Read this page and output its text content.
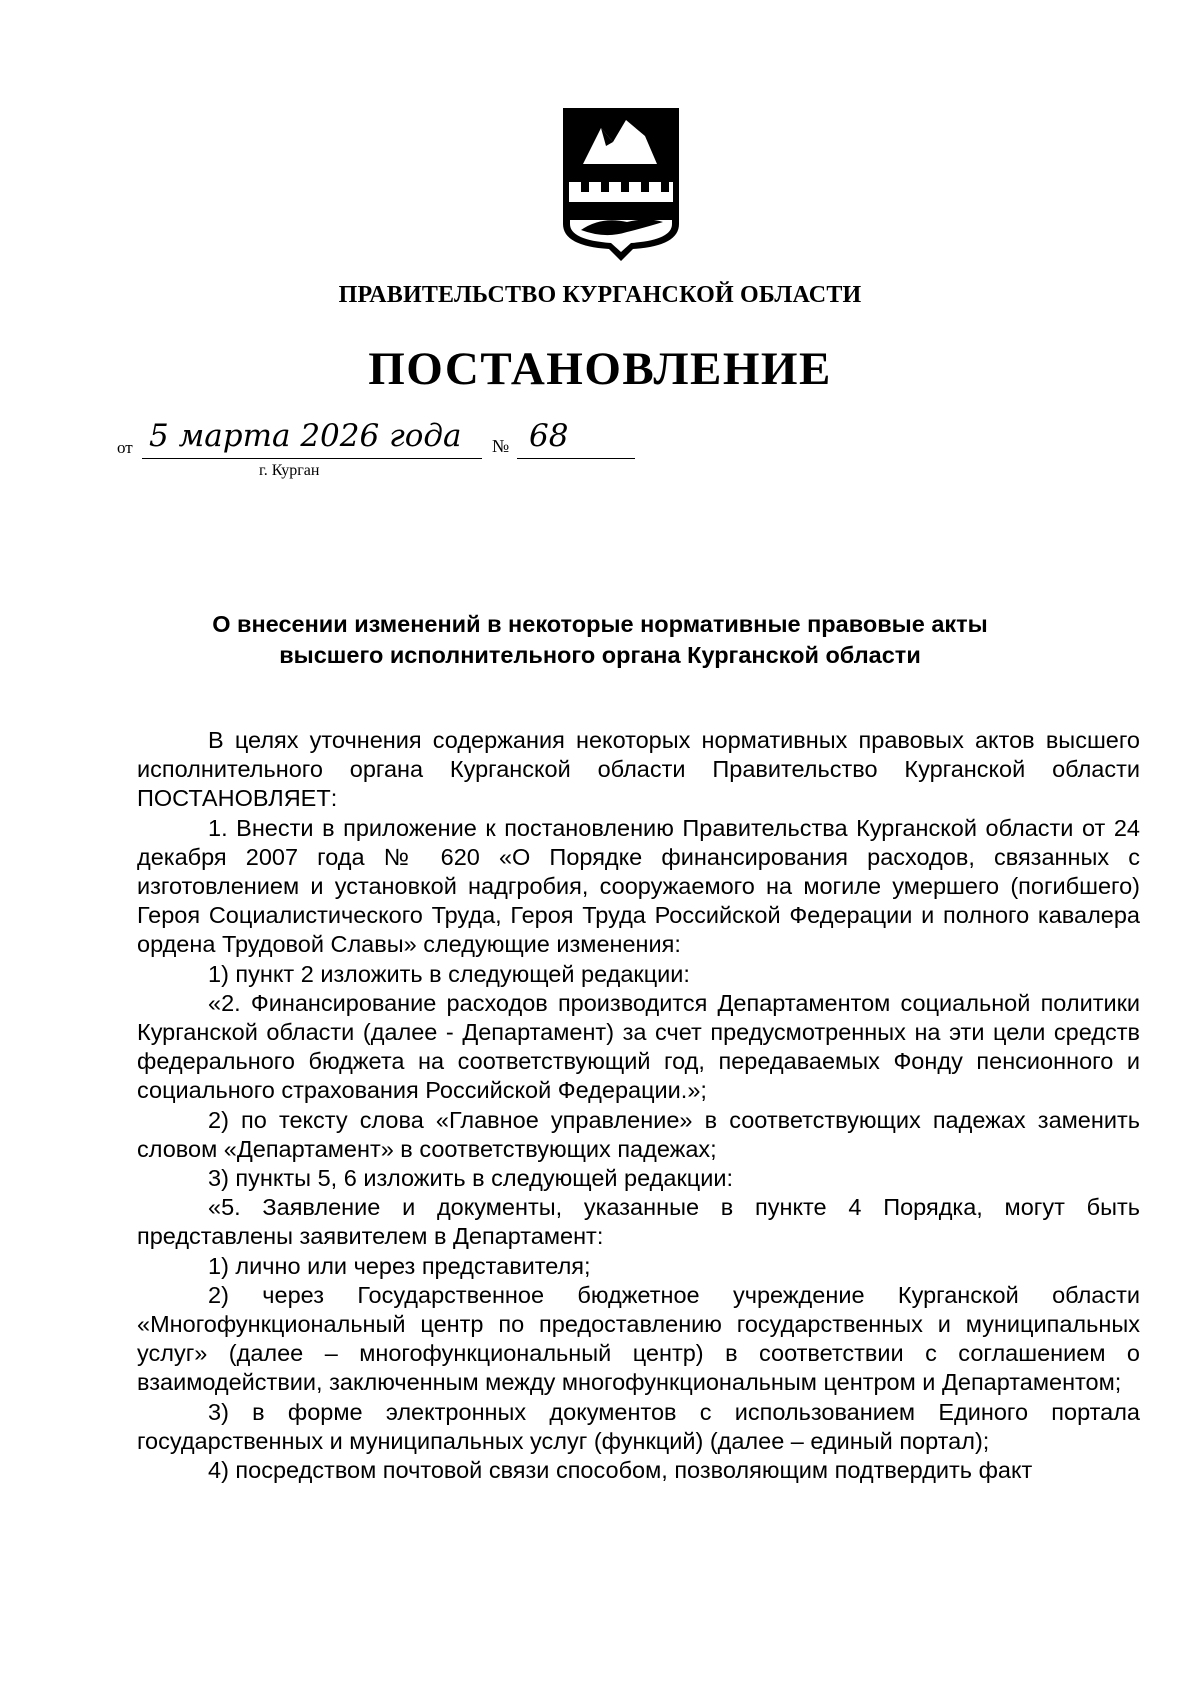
ПРАВИТЕЛЬСТВО КУРГАНСКОЙ ОБЛАСТИ
ПОСТАНОВЛЕНИЕ
от 5 марта 2026 года № 68
г. Курган
О внесении изменений в некоторые нормативные правовые акты
высшего исполнительного органа Курганской области

В целях уточнения содержания некоторых нормативных правовых актов высшего исполнительного органа Курганской области Правительство Курганской области ПОСТАНОВЛЯЕТ:

1. Внести в приложение к постановлению Правительства Курганской области от 24 декабря 2007 года № 620 «О Порядке финансирования расходов, связанных с изготовлением и установкой надгробия, сооружаемого на могиле умершего (погибшего) Героя Социалистического Труда, Героя Труда Российской Федерации и полного кавалера ордена Трудовой Славы» следующие изменения:

1) пункт 2 изложить в следующей редакции:

«2. Финансирование расходов производится Департаментом социальной политики Курганской области (далее - Департамент) за счет предусмотренных на эти цели средств федерального бюджета на соответствующий год, передаваемых Фонду пенсионного и социального страхования Российской Федерации.»;

2) по тексту слова «Главное управление» в соответствующих падежах заменить словом «Департамент» в соответствующих падежах;

3) пункты 5, 6 изложить в следующей редакции:

«5. Заявление и документы, указанные в пункте 4 Порядка, могут быть представлены заявителем в Департамент:

1) лично или через представителя;

2) через Государственное бюджетное учреждение Курганской области «Многофункциональный центр по предоставлению государственных и муниципальных услуг» (далее – многофункциональный центр) в соответствии с соглашением о взаимодействии, заключенным между многофункциональным центром и Департаментом;

3) в форме электронных документов с использованием Единого портала государственных и муниципальных услуг (функций) (далее – единый портал);

4) посредством почтовой связи способом, позволяющим подтвердить факт
